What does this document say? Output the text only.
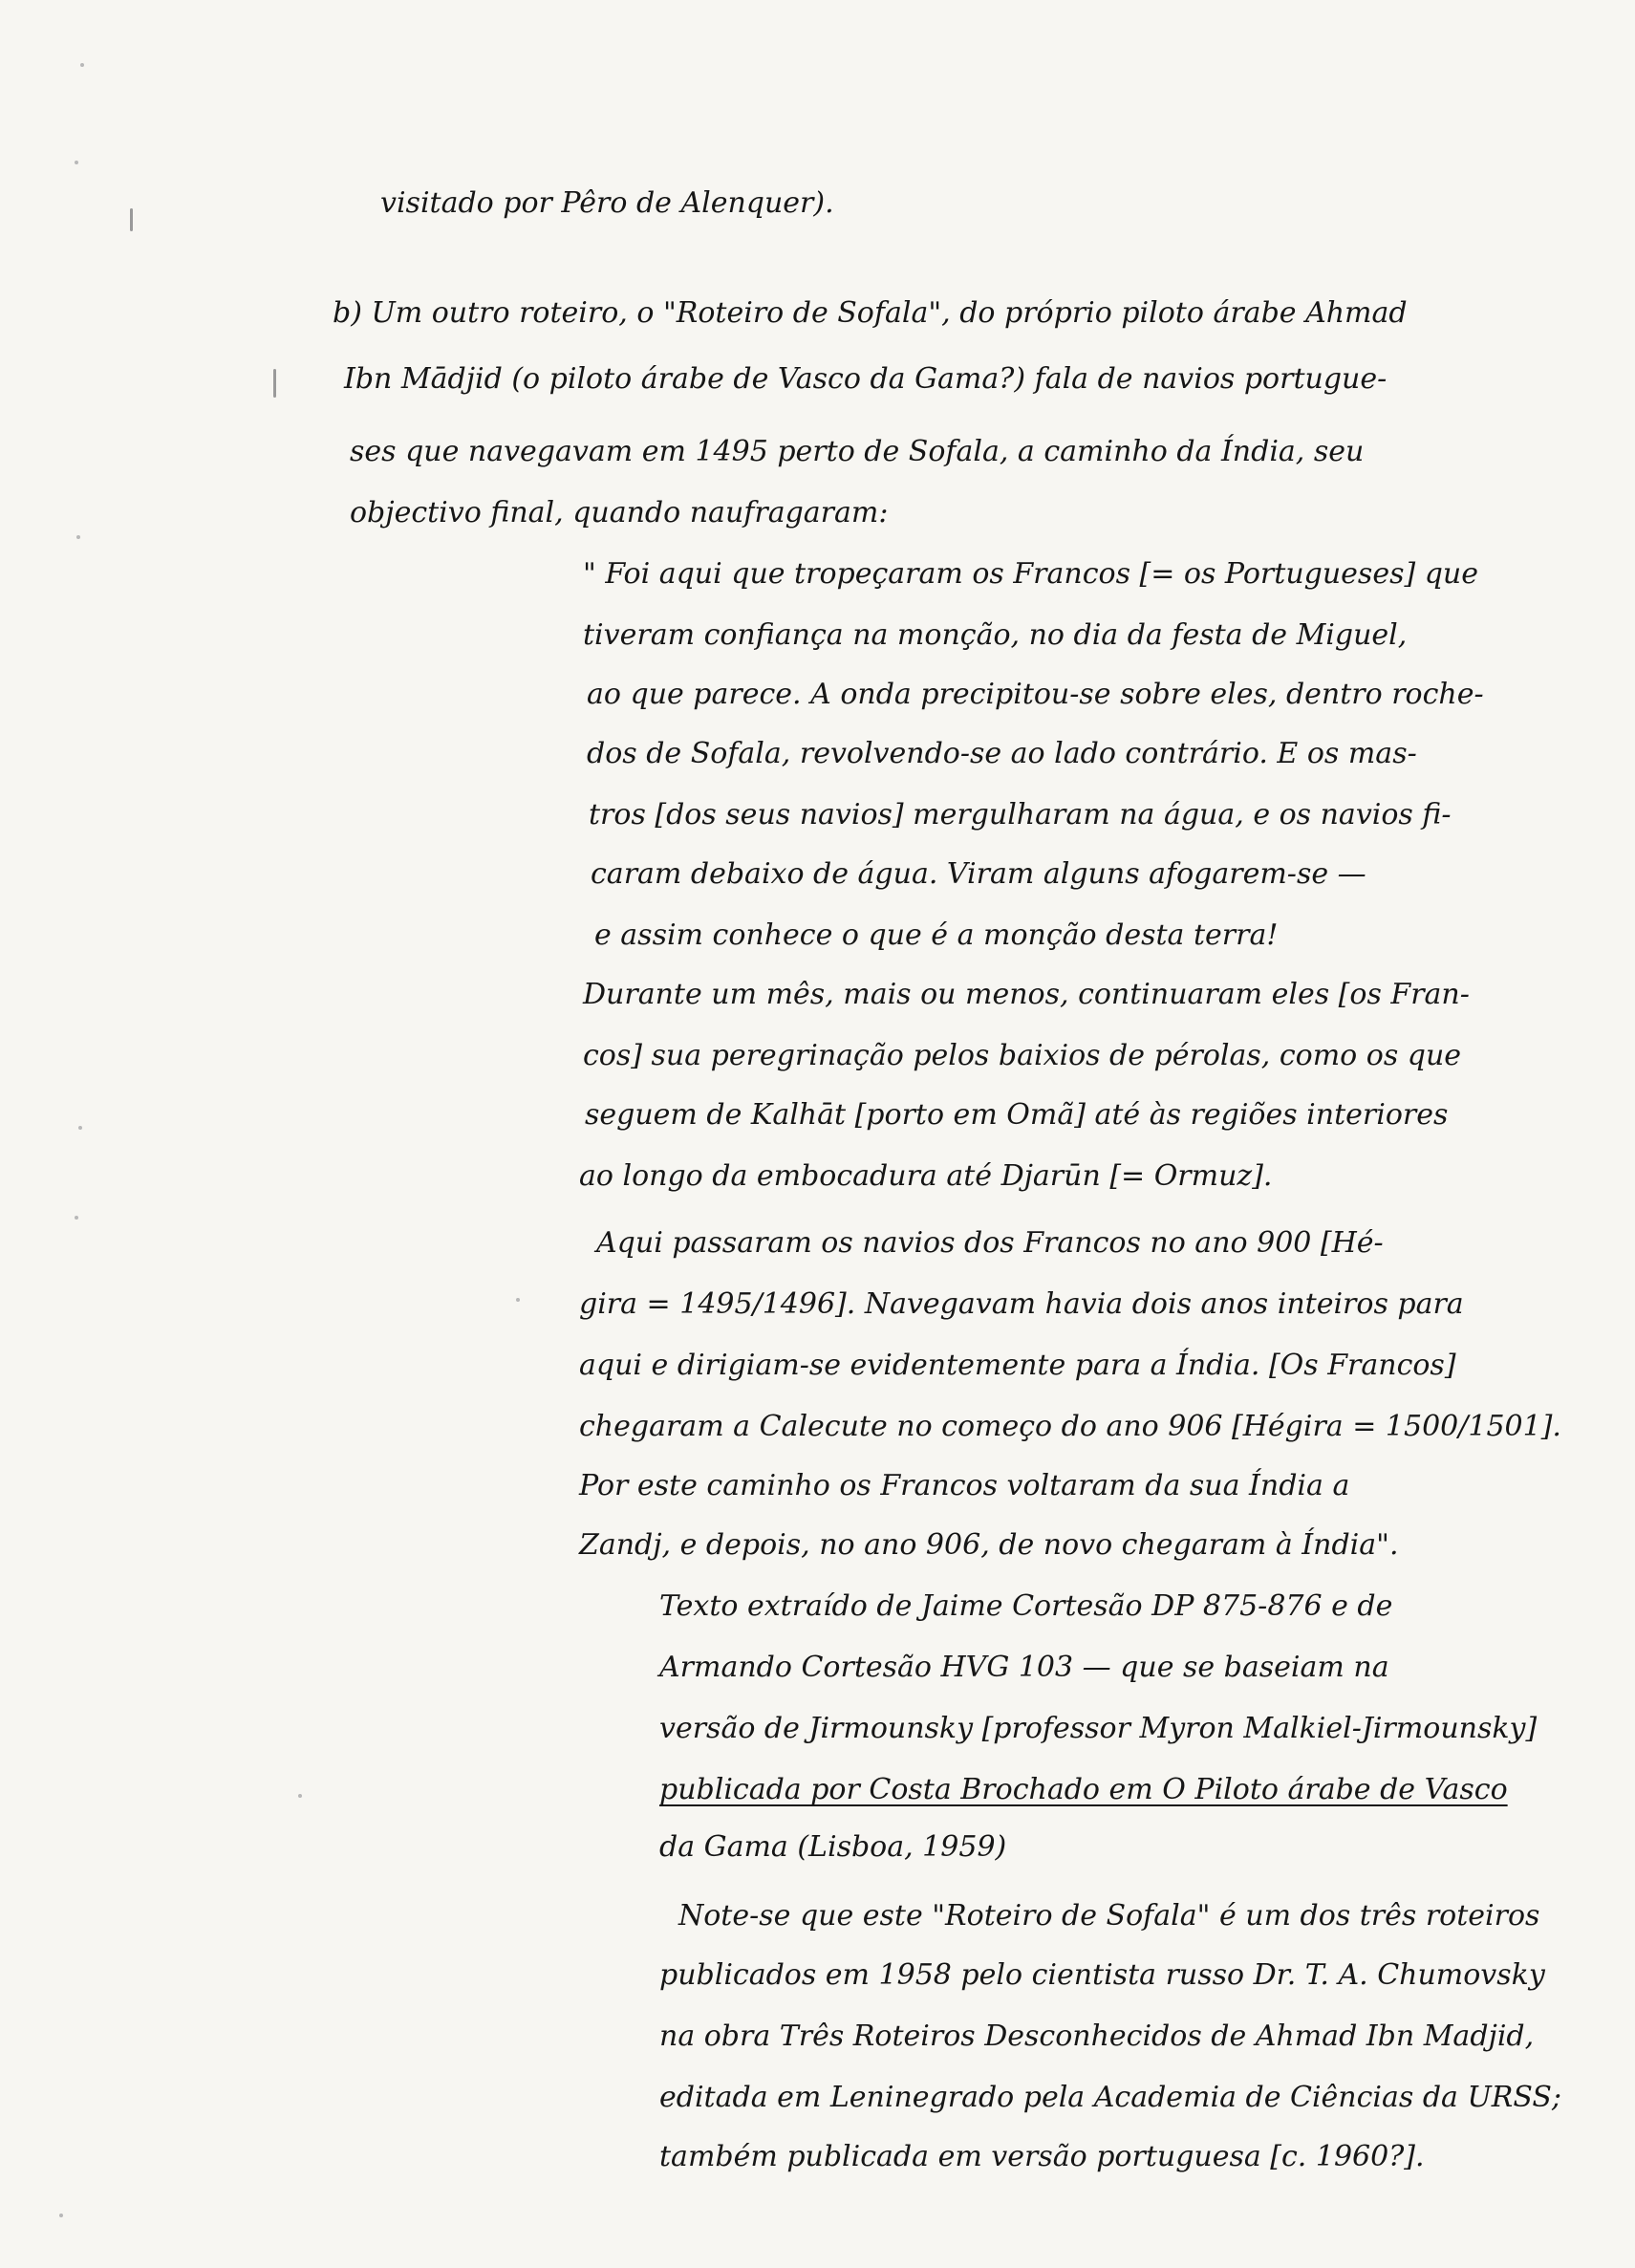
visitado por Pêro de Alenquer).
b) Um outro roteiro, o "Roteiro de Sofala", do próprio piloto árabe Ahmad
Ibn Mādjid (o piloto árabe de Vasco da Gama?) fala de navios portugue-
ses que navegavam em 1495 perto de Sofala, a caminho da Índia, seu
objectivo final, quando naufragaram:
" Foi aqui que tropeçaram os Francos [= os Portugueses] que
tiveram confiança na monção, no dia da festa de Miguel,
ao que parece. A onda precipitou-se sobre eles, dentro roche-
dos de Sofala, revolvendo-se ao lado contrário. E os mas-
tros [dos seus navios] mergulharam na água, e os navios fi-
caram debaixo de água. Viram alguns afogarem-se —
e assim conhece o que é a monção desta terra!
Durante um mês, mais ou menos, continuaram eles [os Fran-
cos] sua peregrinação pelos baixios de pérolas, como os que
seguem de Kalhāt [porto em Omã] até às regiões interiores
ao longo da embocadura até Djarūn [= Ormuz].
Aqui passaram os navios dos Francos no ano 900 [Hé-
gira = 1495/1496]. Navegavam havia dois anos inteiros para
aqui e dirigiam-se evidentemente para a Índia. [Os Francos]
chegaram a Calecute no começo do ano 906 [Hégira = 1500/1501].
Por este caminho os Francos voltaram da sua Índia a
Zandj, e depois, no ano 906, de novo chegaram à Índia".
Texto extraído de Jaime Cortesão DP 875-876 e de
Armando Cortesão HVG 103 — que se baseiam na
versão de Jirmounsky [professor Myron Malkiel-Jirmounsky]
publicada por Costa Brochado em O Piloto árabe de Vasco
da Gama (Lisboa, 1959)
Note-se que este "Roteiro de Sofala" é um dos três roteiros
publicados em 1958 pelo cientista russo Dr. T. A. Chumovsky
na obra Três Roteiros Desconhecidos de Ahmad Ibn Madjid,
editada em Leninegrado pela Academia de Ciências da URSS;
também publicada em versão portuguesa [c. 1960?].
